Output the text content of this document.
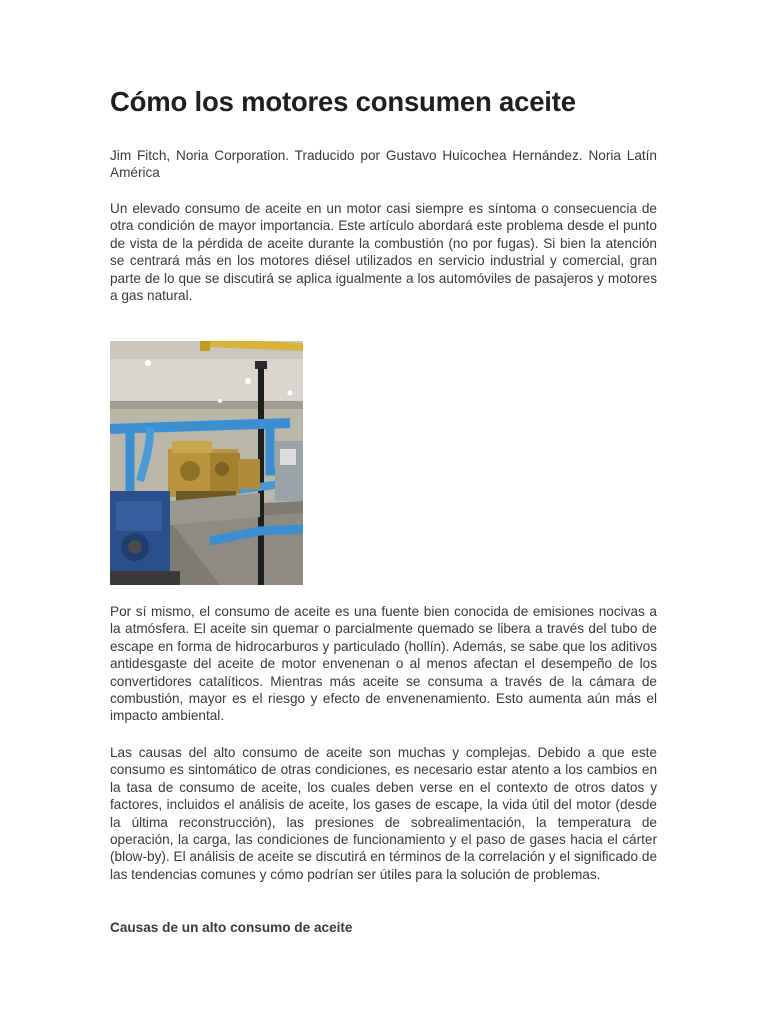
Cómo los motores consumen aceite

Jim Fitch, Noria Corporation. Traducido por Gustavo Huicochea Hernández. Noria Latín América

Un elevado consumo de aceite en un motor casi siempre es síntoma o consecuencia de otra condición de mayor importancia. Este artículo abordará este problema desde el punto de vista de la pérdida de aceite durante la combustión (no por fugas). Si bien la atención se centrará más en los motores diésel utilizados en servicio industrial y comercial, gran parte de lo que se discutirá se aplica igualmente a los automóviles de pasajeros y motores a gas natural.

Por sí mismo, el consumo de aceite es una fuente bien conocida de emisiones nocivas a la atmósfera. El aceite sin quemar o parcialmente quemado se libera a través del tubo de escape en forma de hidrocarburos y particulado (hollín). Además, se sabe que los aditivos antidesgaste del aceite de motor envenenan o al menos afectan el desempeño de los convertidores catalíticos. Mientras más aceite se consuma a través de la cámara de combustión, mayor es el riesgo y efecto de envenenamiento. Esto aumenta aún más el impacto ambiental.

Las causas del alto consumo de aceite son muchas y complejas. Debido a que este consumo es sintomático de otras condiciones, es necesario estar atento a los cambios en la tasa de consumo de aceite, los cuales deben verse en el contexto de otros datos y factores, incluidos el análisis de aceite, los gases de escape, la vida útil del motor (desde la última reconstrucción), las presiones de sobrealimentación, la temperatura de operación, la carga, las condiciones de funcionamiento y el paso de gases hacia el cárter (blow-by). El análisis de aceite se discutirá en términos de la correlación y el significado de las tendencias comunes y cómo podrían ser útiles para la solución de problemas.

Causas de un alto consumo de aceite
